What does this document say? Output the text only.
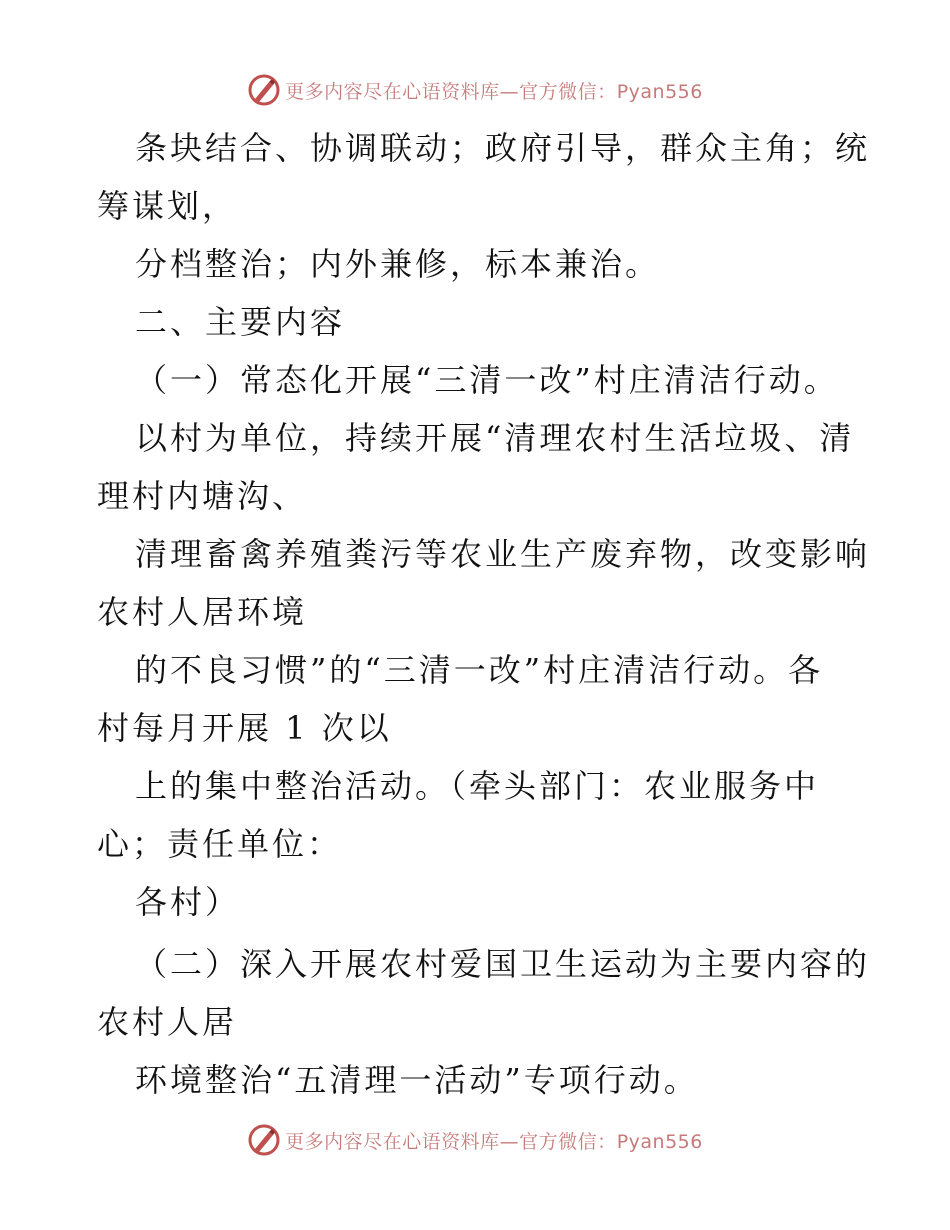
更多内容尽在心语资料库—官方微信：Pyan556
条块结合、协调联动；政府引导，群众主角；统
筹谋划，
分档整治；内外兼修，标本兼治。
二、主要内容
（一）常态化开展“三清一改”村庄清洁行动。
以村为单位，持续开展“清理农村生活垃圾、清
理村内塘沟、
清理畜禽养殖粪污等农业生产废弃物，改变影响
农村人居环境
的不良习惯”的“三清一改”村庄清洁行动。各
村每月开展 1 次以
上的集中整治活动。（牵头部门：农业服务中
心；责任单位：
各村）
（二）深入开展农村爱国卫生运动为主要内容的
农村人居
环境整治“五清理一活动”专项行动。
更多内容尽在心语资料库—官方微信：Pyan556
